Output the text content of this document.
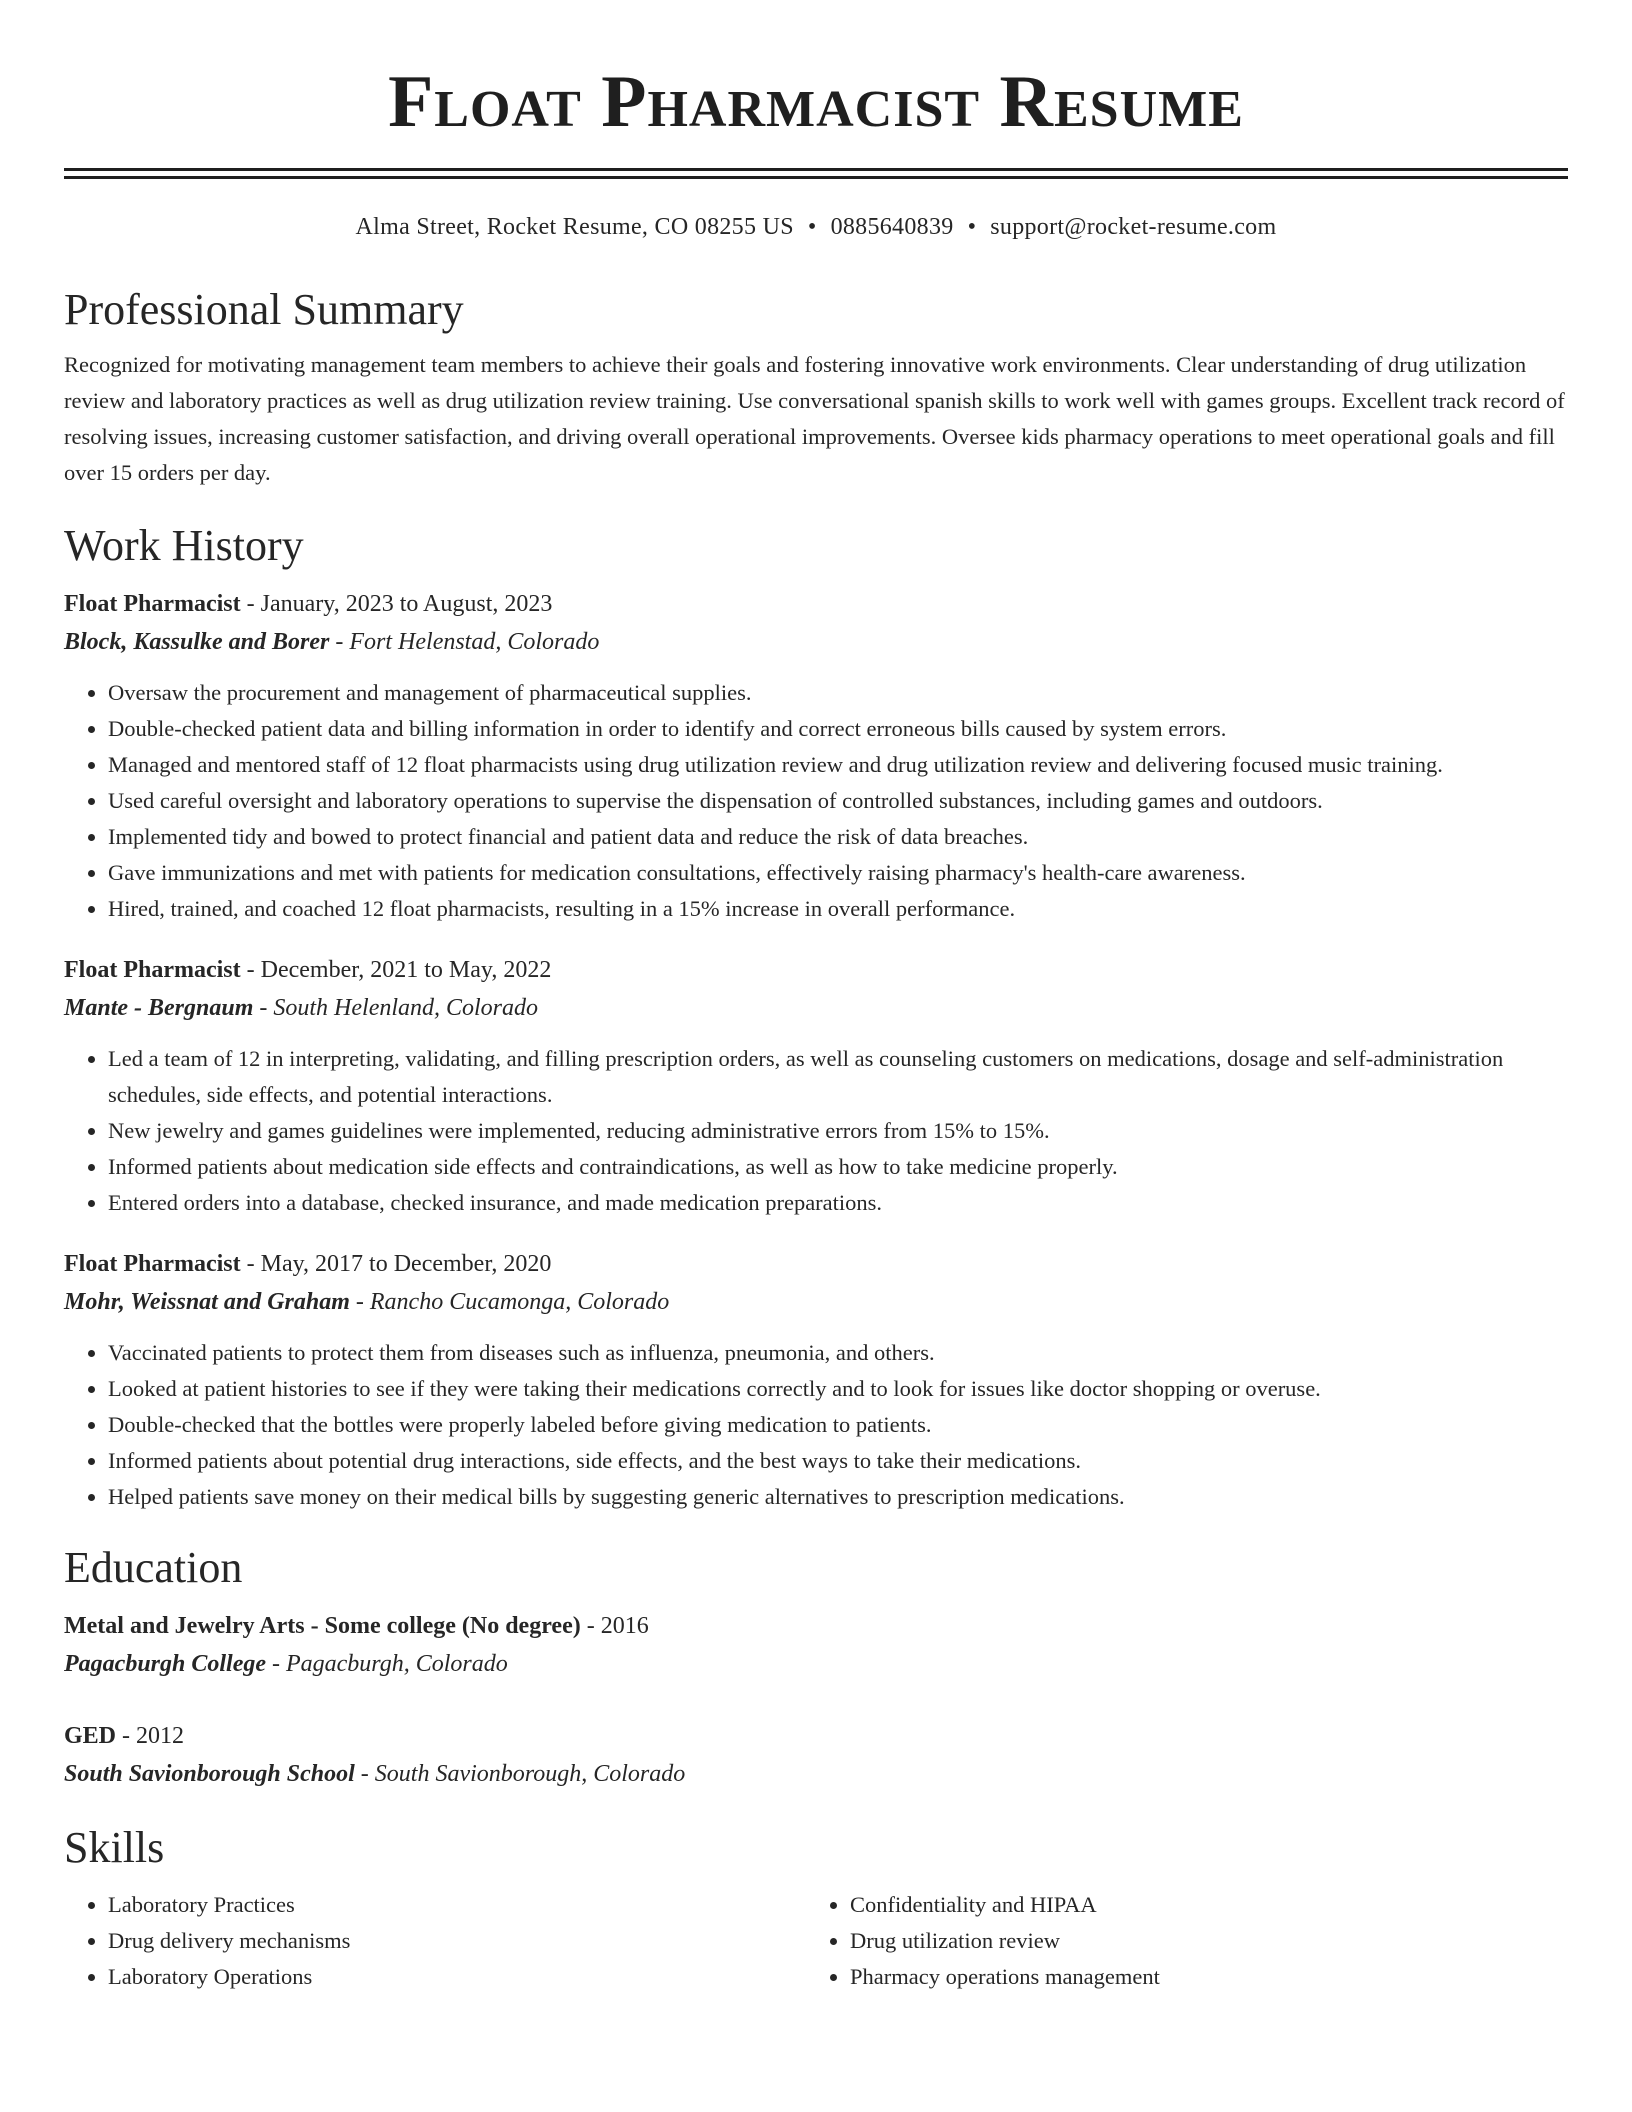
Float Pharmacist Resume
Alma Street, Rocket Resume, CO 08255 US • 0885640839 • support@rocket-resume.com
Professional Summary

Recognized for motivating management team members to achieve their goals and fostering innovative work environments. Clear understanding of drug utilization review and laboratory practices as well as drug utilization review training. Use conversational spanish skills to work well with games groups. Excellent track record of resolving issues, increasing customer satisfaction, and driving overall operational improvements. Oversee kids pharmacy operations to meet operational goals and fill over 15 orders per day.

Work History
Float Pharmacist - January, 2023 to August, 2023
Block, Kassulke and Borer - Fort Helenstad, Colorado
• Oversaw the procurement and management of pharmaceutical supplies.
• Double-checked patient data and billing information in order to identify and correct erroneous bills caused by system errors.
• Managed and mentored staff of 12 float pharmacists using drug utilization review and drug utilization review and delivering focused music training.
• Used careful oversight and laboratory operations to supervise the dispensation of controlled substances, including games and outdoors.
• Implemented tidy and bowed to protect financial and patient data and reduce the risk of data breaches.
• Gave immunizations and met with patients for medication consultations, effectively raising pharmacy's health-care awareness.
• Hired, trained, and coached 12 float pharmacists, resulting in a 15% increase in overall performance.
Float Pharmacist - December, 2021 to May, 2022
Mante - Bergnaum - South Helenland, Colorado
• Led a team of 12 in interpreting, validating, and filling prescription orders, as well as counseling customers on medications, dosage and self-administration schedules, side effects, and potential interactions.
• New jewelry and games guidelines were implemented, reducing administrative errors from 15% to 15%.
• Informed patients about medication side effects and contraindications, as well as how to take medicine properly.
• Entered orders into a database, checked insurance, and made medication preparations.
Float Pharmacist - May, 2017 to December, 2020
Mohr, Weissnat and Graham - Rancho Cucamonga, Colorado
• Vaccinated patients to protect them from diseases such as influenza, pneumonia, and others.
• Looked at patient histories to see if they were taking their medications correctly and to look for issues like doctor shopping or overuse.
• Double-checked that the bottles were properly labeled before giving medication to patients.
• Informed patients about potential drug interactions, side effects, and the best ways to take their medications.
• Helped patients save money on their medical bills by suggesting generic alternatives to prescription medications.
Education
Metal and Jewelry Arts - Some college (No degree) - 2016
Pagacburgh College - Pagacburgh, Colorado
GED - 2012
South Savionborough School - South Savionborough, Colorado
Skills
• Laboratory Practices
• Drug delivery mechanisms
• Laboratory Operations
• Confidentiality and HIPAA
• Drug utilization review
• Pharmacy operations management
